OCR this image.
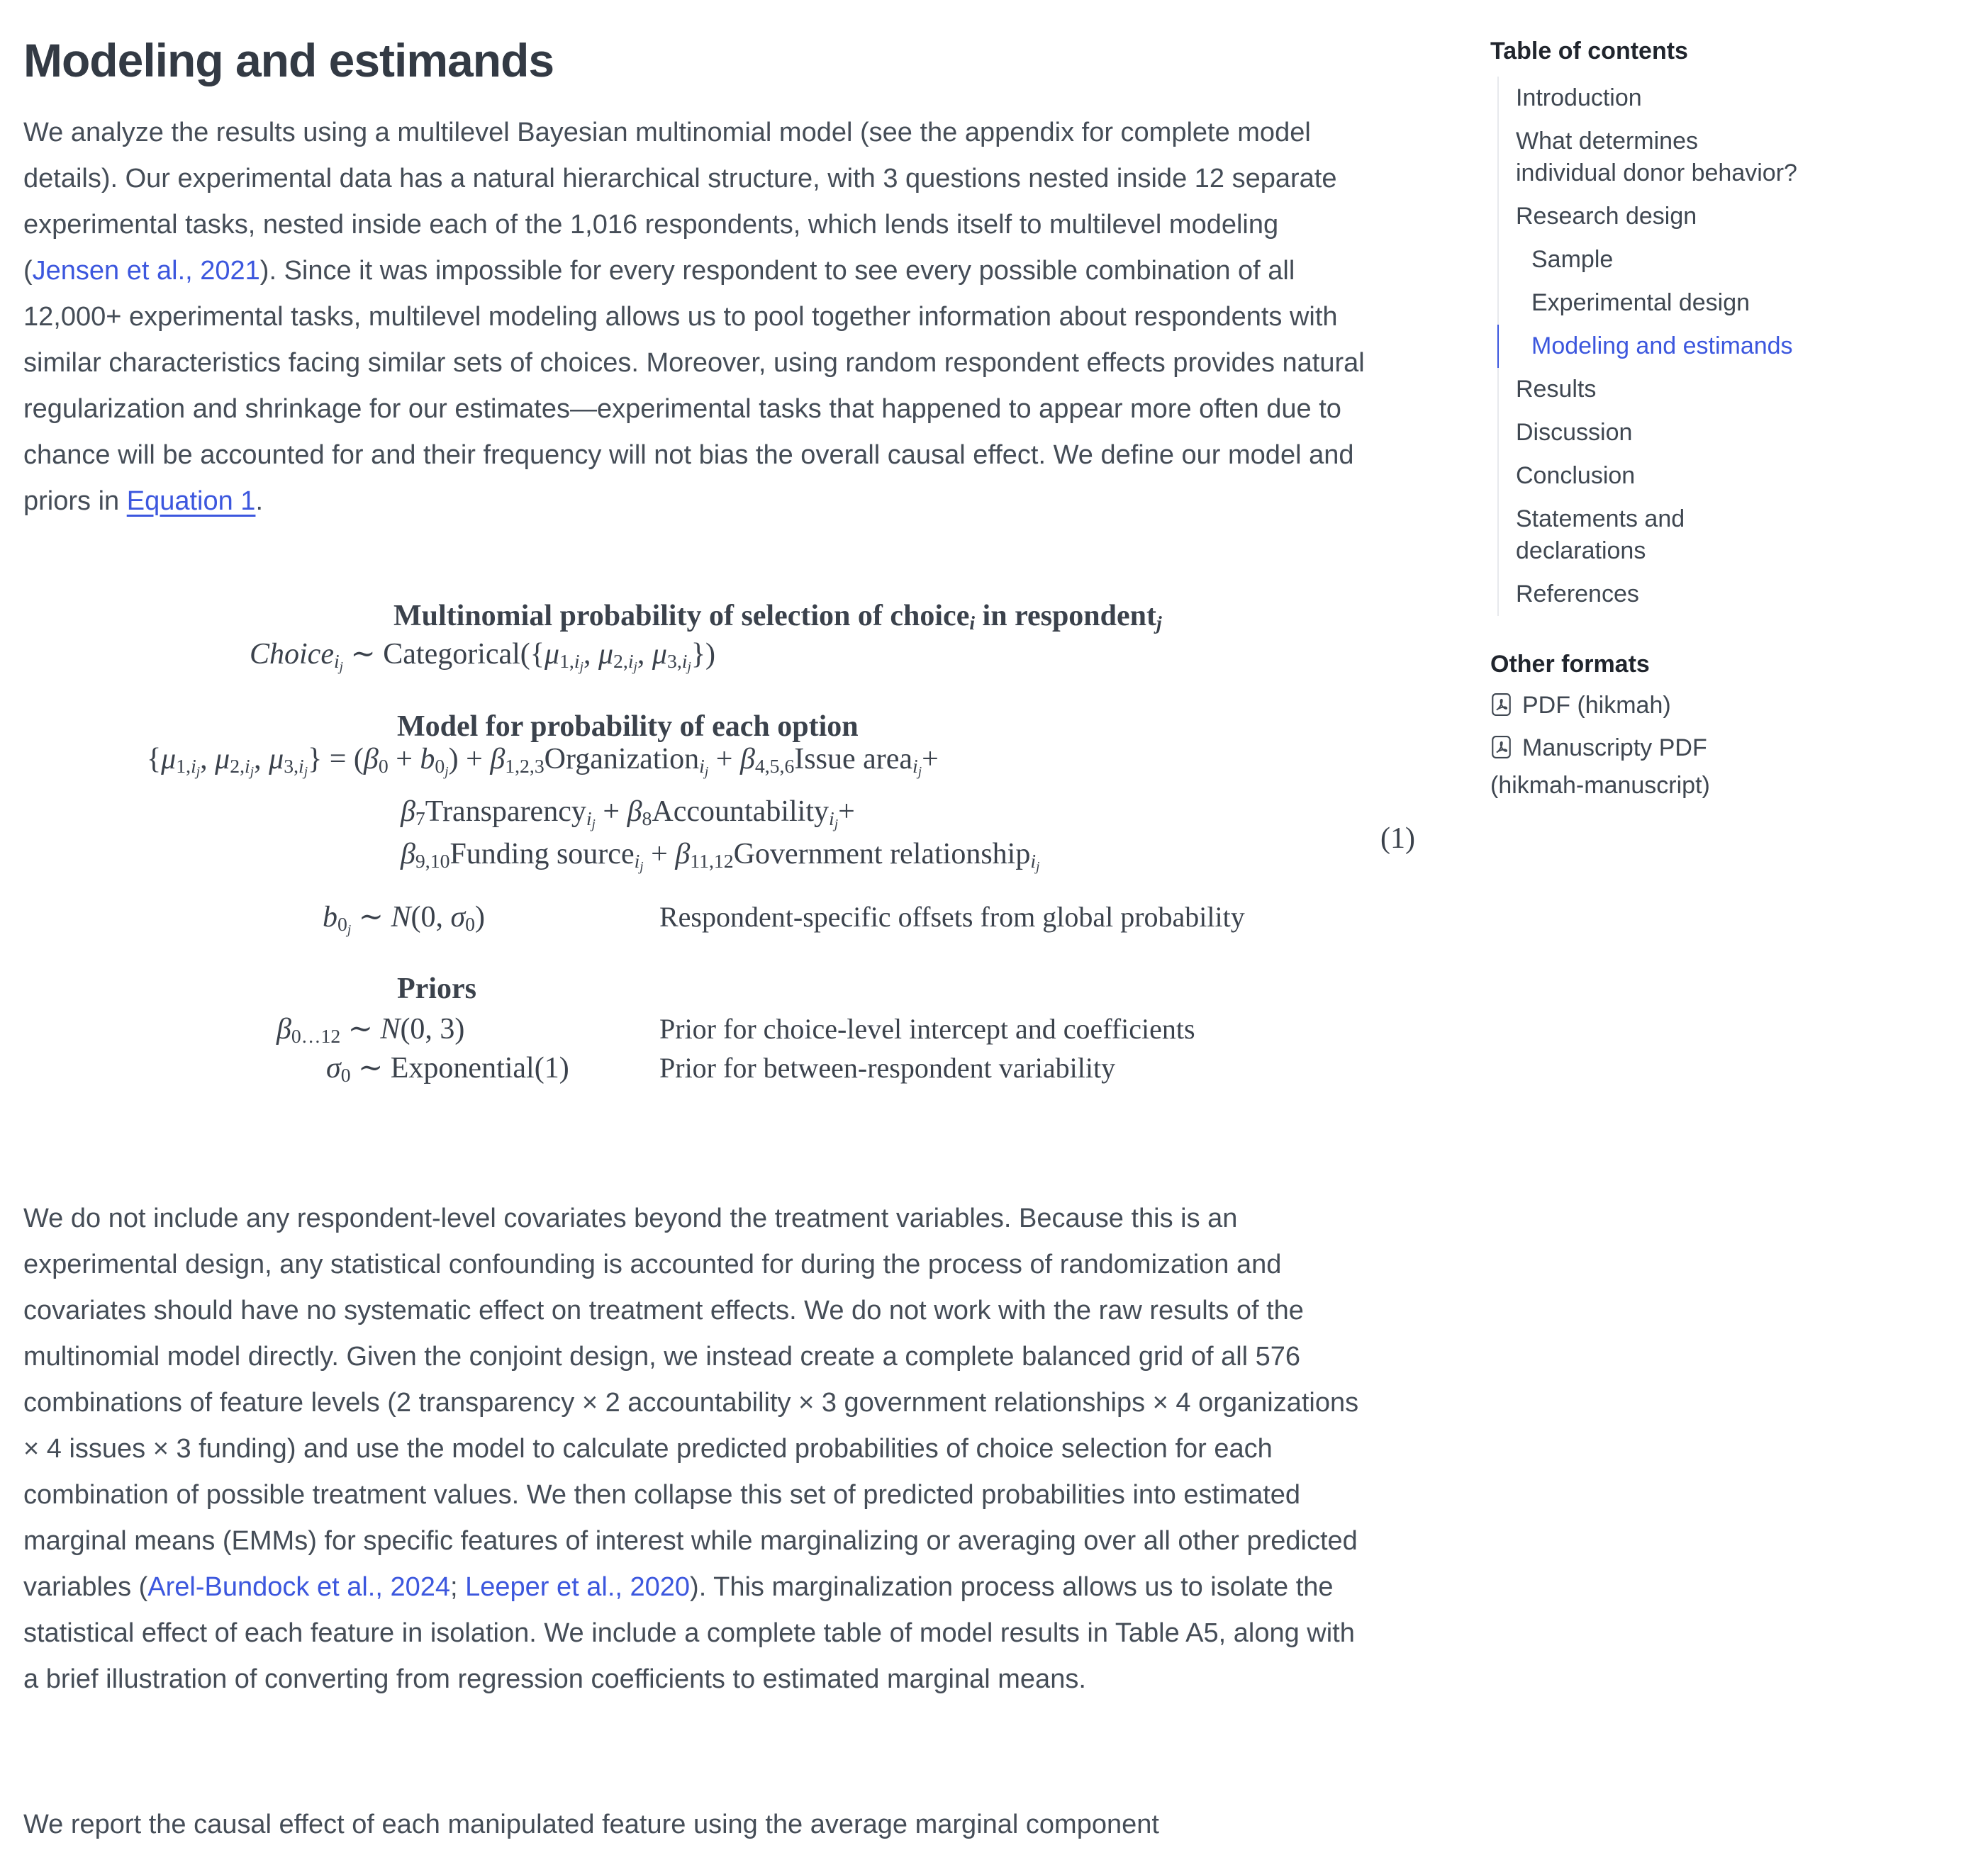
Modeling and estimands

We analyze the results using a multilevel Bayesian multinomial model (see the appendix for complete model details). Our experimental data has a natural hierarchical structure, with 3 questions nested inside 12 separate experimental tasks, nested inside each of the 1,016 respondents, which lends itself to multilevel modeling (Jensen et al., 2021). Since it was impossible for every respondent to see every possible combination of all 12,000+ experimental tasks, multilevel modeling allows us to pool together information about respondents with similar characteristics facing similar sets of choices. Moreover, using random respondent effects provides natural regularization and shrinkage for our estimates—experimental tasks that happened to appear more often due to chance will be accounted for and their frequency will not bias the overall causal effect. We define our model and priors in Equation 1.

Multinomial probability of selection of choicei in respondentj
Choicei$_j$ ∼ $Categorical(\{\mu 1,i_j$, $\mu 2,i_j$, $\mu 3,i_j$})
Model for probability of each option
{$\mu 1,i_j$, $\mu 2,i_j$, $\mu 3,i_j\} = (\beta 0 + b0_j)$ + β1,2,3Organizationi$_j$ + β4,5,6Issue areai$_j$+
β7Transparencyi$_j$ + β8Accountabilityi$_j$+
β9,10Funding sourcei$_j$ + β11,12Government relationshipi$_j$
(1)
$b0_j$ ∼ N(0, σ0)	Respondent-specific offsets from global probability
Priors
β0…12 ∼ N(0, 3)	Prior for choice-level intercept and coefficients
σ0 ∼ Exponential(1)	Prior for between-respondent variability

We do not include any respondent-level covariates beyond the treatment variables. Because this is an experimental design, any statistical confounding is accounted for during the process of randomization and covariates should have no systematic effect on treatment effects. We do not work with the raw results of the multinomial model directly. Given the conjoint design, we instead create a complete balanced grid of all 576 combinations of feature levels (2 transparency × 2 accountability × 3 government relationships × 4 organizations × 4 issues × 3 funding) and use the model to calculate predicted probabilities of choice selection for each combination of possible treatment values. We then collapse this set of predicted probabilities into estimated marginal means (EMMs) for specific features of interest while marginalizing or averaging over all other predicted variables (Arel-Bundock et al., 2024; Leeper et al., 2020). This marginalization process allows us to isolate the statistical effect of each feature in isolation. We include a complete table of model results in Table A5, along with a brief illustration of converting from regression coefficients to estimated marginal means.

We report the causal effect of each manipulated feature using the average marginal component

Table of contents
Introduction
What determines individual donor behavior?
Research design
Sample
Experimental design
Modeling and estimands
Results
Discussion
Conclusion
Statements and declarations
References
Other formats
PDF (hikmah)
Manuscripty PDF (hikmah-manuscript)
